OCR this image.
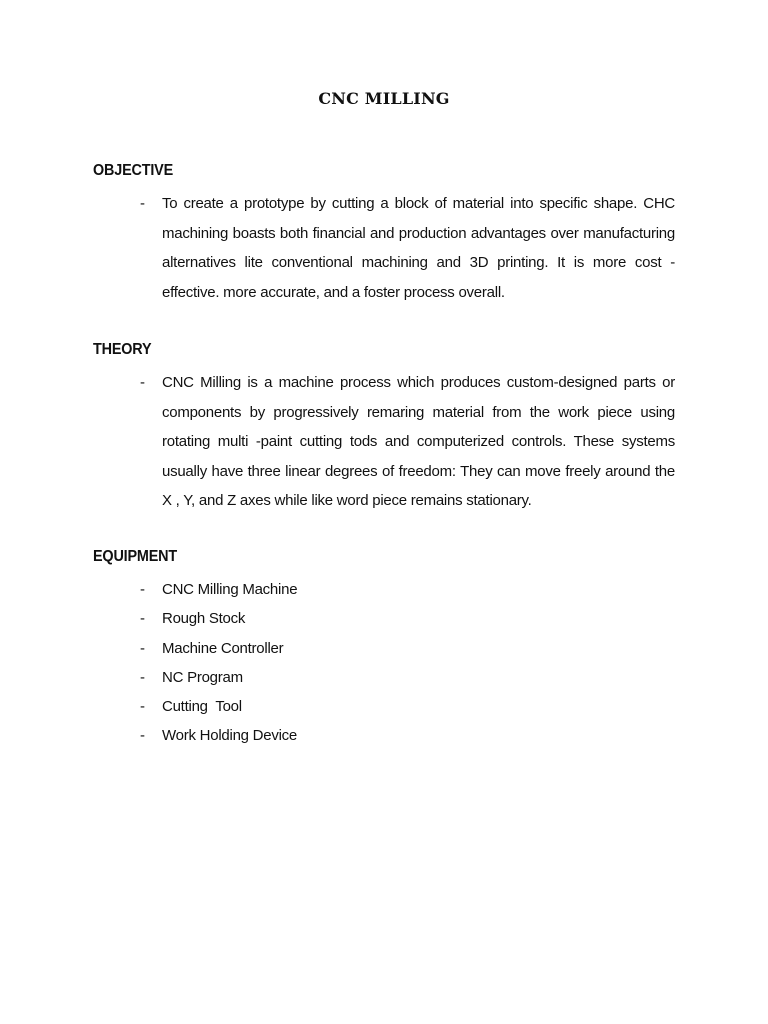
CNC MILLING
OBJECTIVE
- To create a prototype by cutting a block of material into specific shape. CHC machining boasts both financial and production advantages over manufacturing alternatives lite conventional machining and 3D printing. It is more cost -effective. more accurate, and a foster process overall.
THEORY
- CNC Milling is a machine process which produces custom-designed parts or components by progressively remaring material from the work piece using rotating multi -paint cutting tods and computerized controls. These systems usually have three linear degrees of freedom: They can move freely around the X , Y, and Z axes while like word piece remains stationary.
EQUIPMENT
- CNC Milling Machine
- Rough Stock
- Machine Controller
- NC Program
- Cutting  Tool
- Work Holding Device
